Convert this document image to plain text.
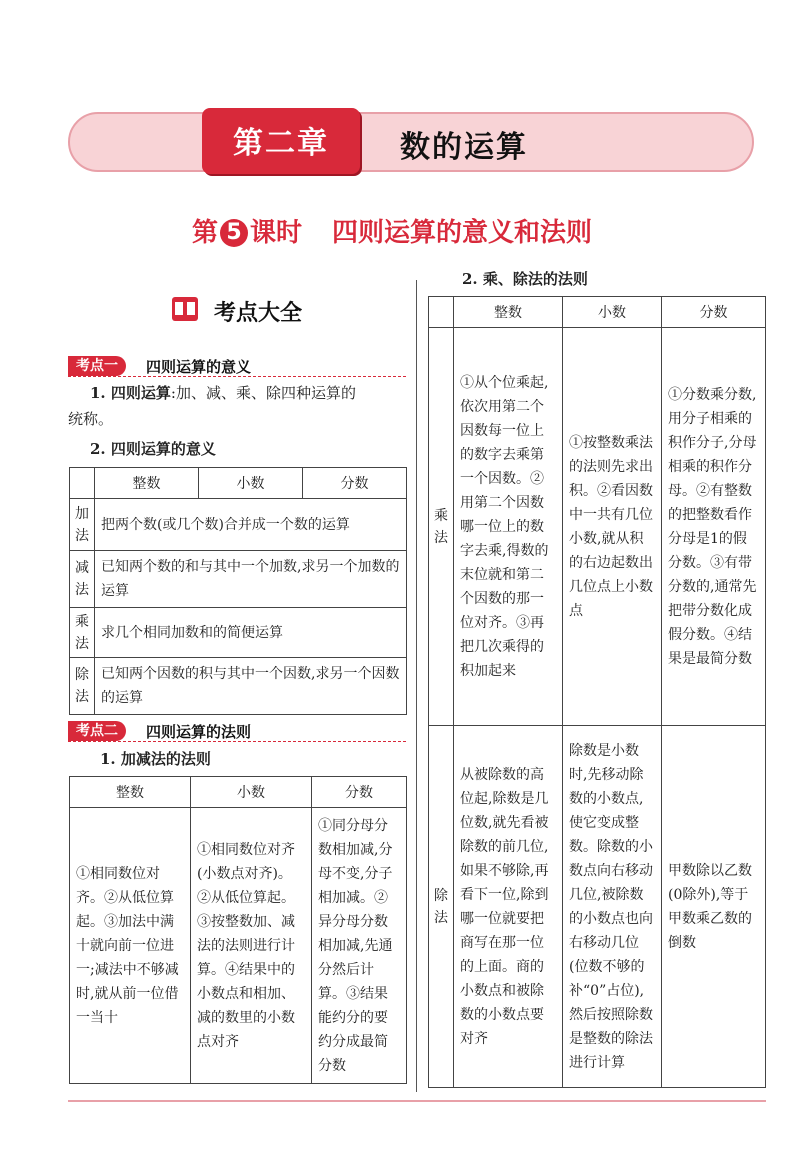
第二章	数的运算
第 5 课时 四则运算的意义和法则
考点大全
考点一	四则运算的意义
1. 四则运算:加、减、乘、除四种运算的
统称。
2. 四则运算的意义
	整数	小数	分数
加法	把两个数(或几个数)合并成一个数的运算		
减法	已知两个数的和与其中一个加数,求另一个加数的运算		
乘法	求几个相同加数和的简便运算		
除法	已知两个因数的积与其中一个因数,求另一个因数的运算		
考点二	四则运算的法则
1. 加减法的法则
整数	小数	分数
①相同数位对齐。②从低位算起。③加法中满十就向前一位进一;减法中不够减时,就从前一位借一当十	①相同数位对齐(小数点对齐)。②从低位算起。③按整数加、减法的法则进行计算。④结果中的小数点和相加、减的数里的小数点对齐	①同分母分数相加减,分母不变,分子相加减。②异分母分数相加减,先通分然后计算。③结果能约分的要约分成最简分数
2. 乘、除法的法则
	整数	小数	分数
乘法	①从个位乘起,依次用第二个因数每一位上的数字去乘第一个因数。②用第二个因数哪一位上的数字去乘,得数的末位就和第二个因数的那一位对齐。③再把几次乘得的积加起来	①按整数乘法的法则先求出积。②看因数中一共有几位小数,就从积的右边起数出几位点上小数点	①分数乘分数,用分子相乘的积作分子,分母相乘的积作分母。②有整数的把整数看作分母是1的假分数。③有带分数的,通常先把带分数化成假分数。④结果是最简分数
除法	从被除数的高位起,除数是几位数,就先看被除数的前几位,如果不够除,再看下一位,除到哪一位就要把商写在那一位的上面。商的小数点和被除数的小数点要对齐	除数是小数时,先移动除数的小数点,使它变成整数。除数的小数点向右移动几位,被除数的小数点也向右移动几位(位数不够的补“0”占位),然后按照除数是整数的除法进行计算	甲数除以乙数(0除外),等于甲数乘乙数的倒数
